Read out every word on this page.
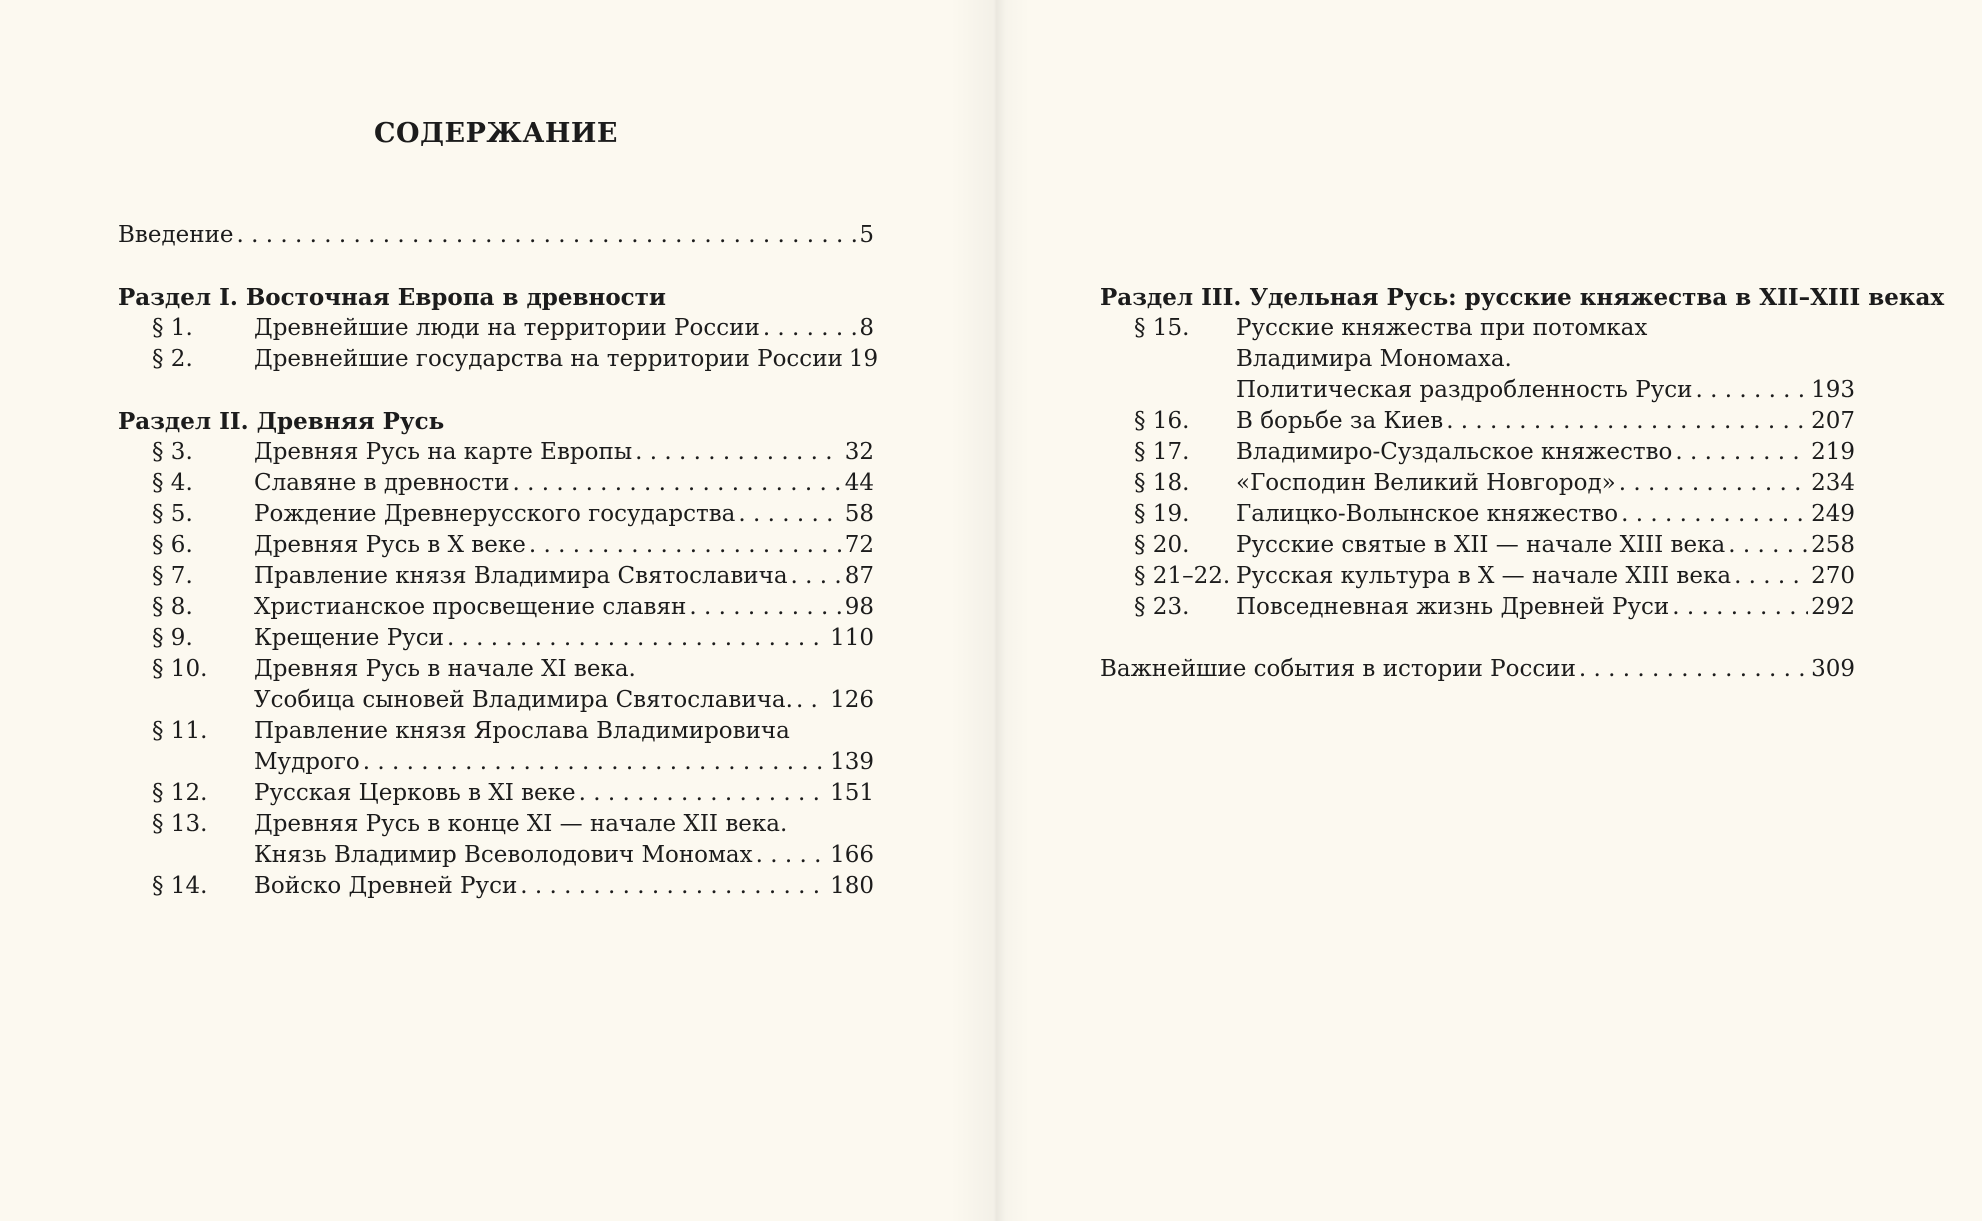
СОДЕРЖАНИЕ
Введение . . .	5
Раздел I. Восточная Европа в древности
§ 1.	Древнейшие люди на территории России . . .	8
§ 2.	Древнейшие государства на территории России 19
Раздел II. Древняя Русь
§ 3.	Древняя Русь на карте Европы . . .	32
§ 4.	Славяне в древности . . .	44
§ 5.	Рождение Древнерусского государства . . .	58
§ 6.	Древняя Русь в X веке . . .	72
§ 7.	Правление князя Владимира Святославича . . . 87
§ 8.	Христианское просвещение славян . . .	98
§ 9.	Крещение Руси . . .	110
§ 10. Древняя Русь в начале XI века.
Усобица сыновей Владимира Святославича. . . . 126
§ 11. Правление князя Ярослава Владимировича
Мудрого . . .	139
§ 12. Русская Церковь в XI веке . . .	151
§ 13. Древняя Русь в конце XI — начале XII века.
Князь Владимир Всеволодович Мономах . . .	166
§ 14. Войско Древней Руси . . .	180
Раздел III. Удельная Русь: русские княжества в XII–XIII веках
§ 15. Русские княжества при потомках
Владимира Мономаха.
Политическая раздробленность Руси . . .	193
§ 16. В борьбе за Киев . . .	207
§ 17. Владимиро-Суздальское княжество . . .	219
§ 18. «Господин Великий Новгород» . . .	234
§ 19. Галицко-Волынское княжество . . .	249
§ 20. Русские святые в XII — начале XIII века . . .	258
§ 21–22. Русская культура в X — начале XIII века . . .	270
§ 23. Повседневная жизнь Древней Руси . . .	292
Важнейшие события в истории России . . .	309
